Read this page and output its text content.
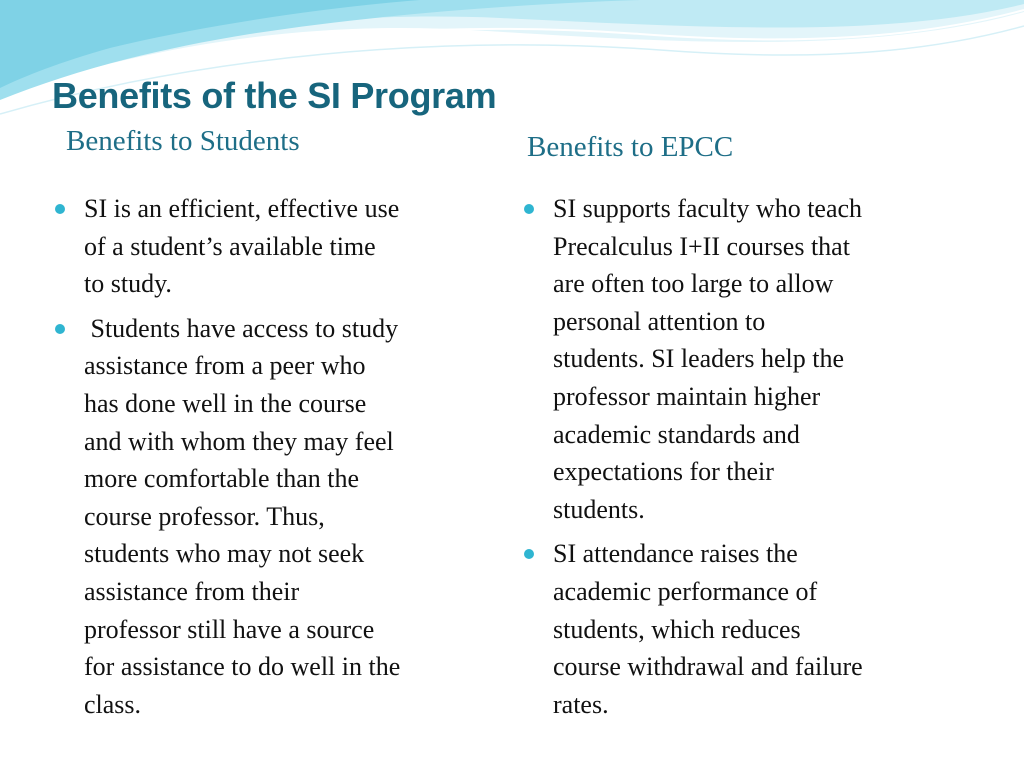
Benefits of the SI Program
Benefits to Students	Benefits to EPCC
SI is an efficient, effective use
of a student’s available time
to study.
Students have access to study
assistance from a peer who
has done well in the course
and with whom they may feel
more comfortable than the
course professor. Thus,
students who may not seek
assistance from their
professor still have a source
for assistance to do well in the
class.
SI supports faculty who teach
Precalculus I+II courses that
are often too large to allow
personal attention to
students. SI leaders help the
professor maintain higher
academic standards and
expectations for their
students.
SI attendance raises the
academic performance of
students, which reduces
course withdrawal and failure
rates.
